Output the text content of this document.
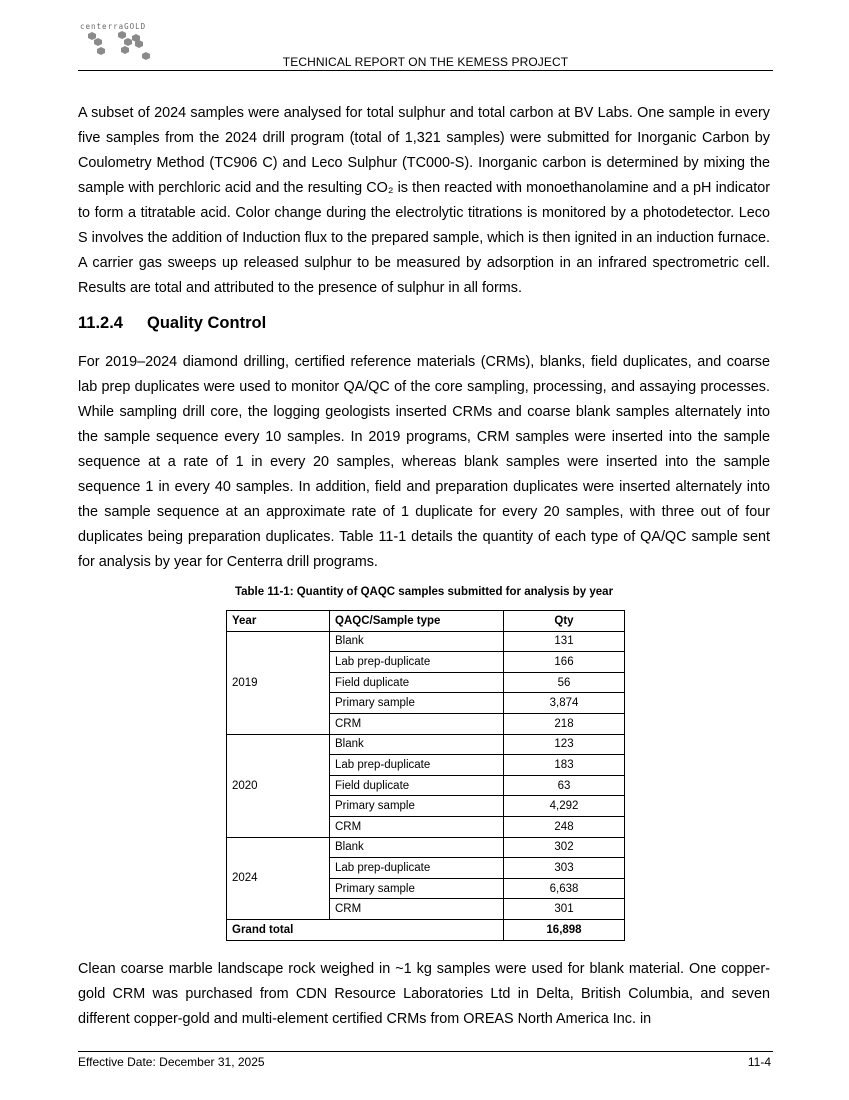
centerraGOLD
TECHNICAL REPORT ON THE KEMESS PROJECT

A subset of 2024 samples were analysed for total sulphur and total carbon at BV Labs. One sample in every five samples from the 2024 drill program (total of 1,321 samples) were submitted for Inorganic Carbon by Coulometry Method (TC906 C) and Leco Sulphur (TC000-S). Inorganic carbon is determined by mixing the sample with perchloric acid and the resulting CO₂ is then reacted with monoethanolamine and a pH indicator to form a titratable acid. Color change during the electrolytic titrations is monitored by a photodetector. Leco S involves the addition of Induction flux to the prepared sample, which is then ignited in an induction furnace. A carrier gas sweeps up released sulphur to be measured by adsorption in an infrared spectrometric cell. Results are total and attributed to the presence of sulphur in all forms.

11.2.4 Quality Control

For 2019–2024 diamond drilling, certified reference materials (CRMs), blanks, field duplicates, and coarse lab prep duplicates were used to monitor QA/QC of the core sampling, processing, and assaying processes. While sampling drill core, the logging geologists inserted CRMs and coarse blank samples alternately into the sample sequence every 10 samples. In 2019 programs, CRM samples were inserted into the sample sequence at a rate of 1 in every 20 samples, whereas blank samples were inserted into the sample sequence 1 in every 40 samples. In addition, field and preparation duplicates were inserted alternately into the sample sequence at an approximate rate of 1 duplicate for every 20 samples, with three out of four duplicates being preparation duplicates. Table 11-1 details the quantity of each type of QA/QC sample sent for analysis by year for Centerra drill programs.

Table 11-1: Quantity of QAQC samples submitted for analysis by year
Year	QAQC/Sample type	Qty
2019	Blank	131
	Lab prep-duplicate	166
	Field duplicate	56
	Primary sample	3,874
	CRM	218
2020	Blank	123
	Lab prep-duplicate	183
	Field duplicate	63
	Primary sample	4,292
	CRM	248
2024	Blank	302
	Lab prep-duplicate	303
	Primary sample	6,638
	CRM	301
Grand total		16,898

Clean coarse marble landscape rock weighed in ~1 kg samples were used for blank material. One copper-gold CRM was purchased from CDN Resource Laboratories Ltd in Delta, British Columbia, and seven different copper-gold and multi-element certified CRMs from OREAS North America Inc. in

Effective Date: December 31, 2025	11-4
